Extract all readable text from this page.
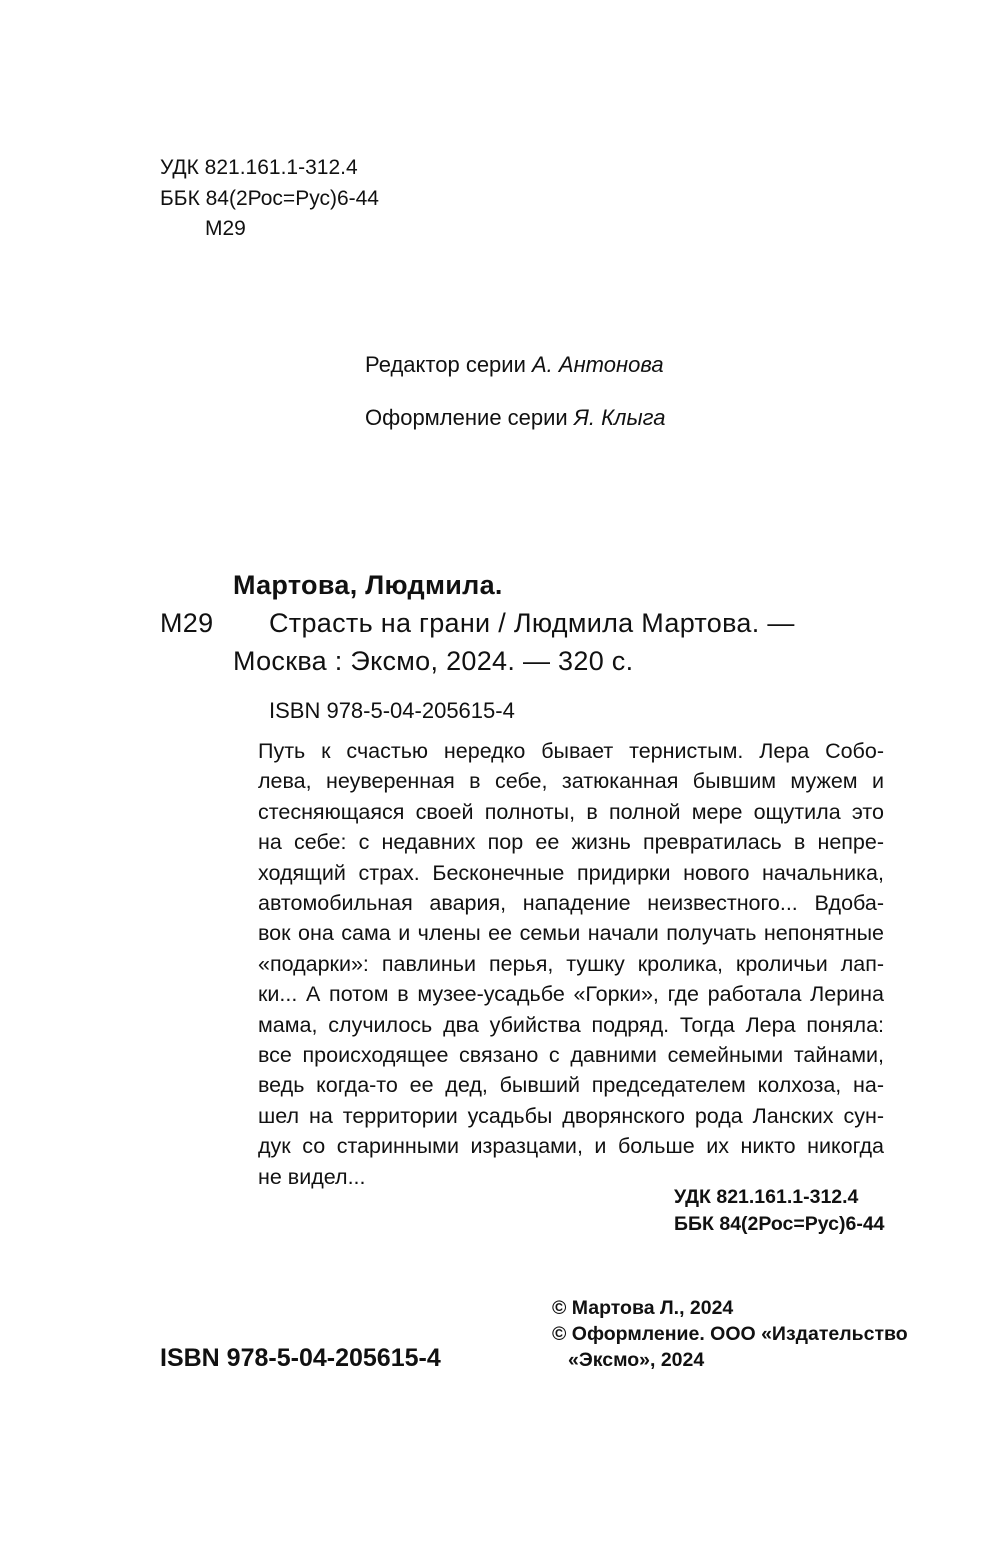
УДК 821.161.1-312.4
ББК 84(2Рос=Рус)6-44
М29
Редактор серии А. Антонова
Оформление серии Я. Клыга
Мартова, Людмила.
М29 Страсть на грани / Людмила Мартова. —
Москва : Эксмо, 2024. — 320 с.
ISBN 978-5-04-205615-4
Путь к счастью нередко бывает тернистым. Лера Собо-
лева, неуверенная в себе, затюканная бывшим мужем и
стесняющаяся своей полноты, в полной мере ощутила это
на себе: с недавних пор ее жизнь превратилась в непре-
ходящий страх. Бесконечные придирки нового начальника,
автомобильная авария, нападение неизвестного... Вдоба-
вок она сама и члены ее семьи начали получать непонятные
«подарки»: павлиньи перья, тушку кролика, кроличьи лап-
ки... А потом в музее-усадьбе «Горки», где работала Лерина
мама, случилось два убийства подряд. Тогда Лера поняла:
все происходящее связано с давними семейными тайнами,
ведь когда-то ее дед, бывший председателем колхоза, на-
шел на территории усадьбы дворянского рода Ланских сун-
дук со старинными изразцами, и больше их никто никогда
не видел...
УДК 821.161.1-312.4
ББК 84(2Рос=Рус)6-44
ISBN 978-5-04-205615-4
© Мартова Л., 2024
© Оформление. ООО «Издательство
«Эксмо», 2024
